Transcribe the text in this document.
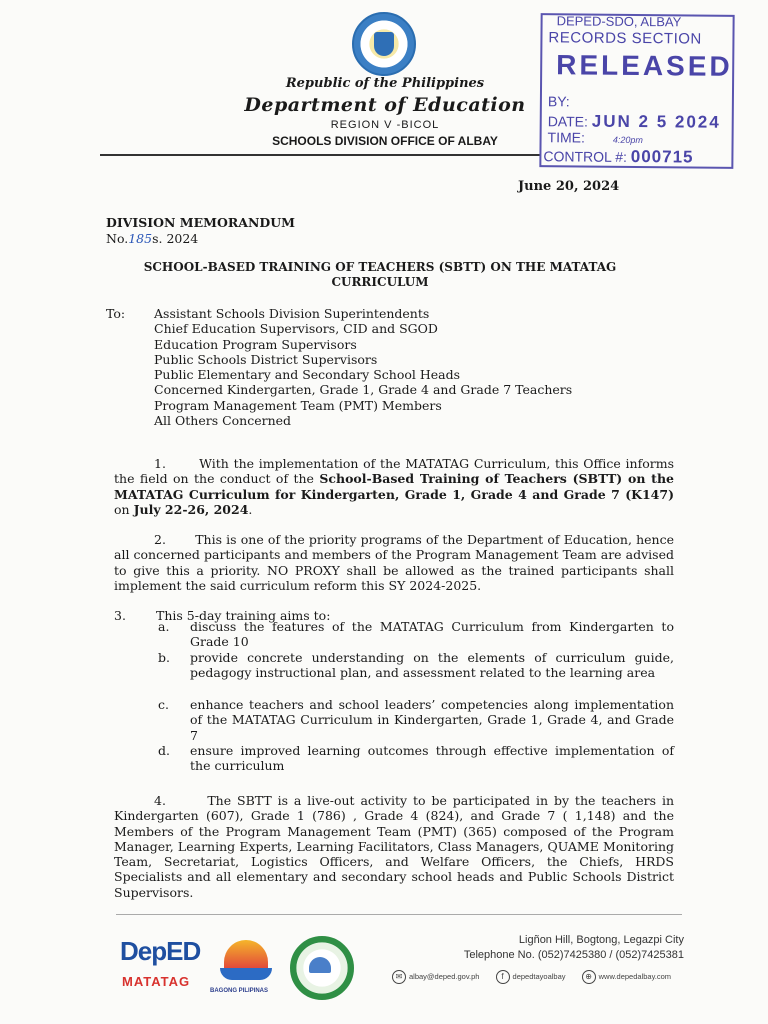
Republic of the Philippines
Department of Education
REGION V -BICOL
SCHOOLS DIVISION OFFICE OF ALBAY
DEPED-SDO, ALBAY
RECORDS SECTION
RELEASED
BY:
DATE: JUN 2 5 2024
TIME:	4:20pm
CONTROL #: 000715
June 20, 2024
DIVISION MEMORANDUM
No.185s. 2024
SCHOOL-BASED TRAINING OF TEACHERS (SBTT) ON THE MATATAG CURRICULUM
To: Assistant Schools Division Superintendents
Chief Education Supervisors, CID and SGOD
Education Program Supervisors
Public Schools District Supervisors
Public Elementary and Secondary School Heads
Concerned Kindergarten, Grade 1, Grade 4 and Grade 7 Teachers
Program Management Team (PMT) Members
All Others Concerned
1.	With the implementation of the MATATAG Curriculum, this Office informs the field on the conduct of the School-Based Training of Teachers (SBTT) on the MATATAG Curriculum for Kindergarten, Grade 1, Grade 4 and Grade 7 (K147) on July 22-26, 2024.
2. This is one of the priority programs of the Department of Education, hence all concerned participants and members of the Program Management Team are advised to give this a priority. NO PROXY shall be allowed as the trained participants shall implement the said curriculum reform this SY 2024-2025.
3. This 5-day training aims to:
a. discuss the features of the MATATAG Curriculum from Kindergarten to Grade 10
b. provide concrete understanding on the elements of curriculum guide, pedagogy instructional plan, and assessment related to the learning area
c. enhance teachers and school leaders’ competencies along implementation of the MATATAG Curriculum in Kindergarten, Grade 1, Grade 4, and Grade 7
d. ensure improved learning outcomes through effective implementation of the curriculum
4.	The SBTT is a live-out activity to be participated in by the teachers in Kindergarten (607), Grade 1 (786) , Grade 4 (824), and Grade 7 ( 1,148) and the Members of the Program Management Team (PMT) (365) composed of the Program Manager, Learning Experts, Learning Facilitators, Class Managers, QUAME Monitoring Team, Secretariat, Logistics Officers, and Welfare Officers, the Chiefs, HRDS Specialists and all elementary and secondary school heads and Public Schools District Supervisors.
DepED
MATATAG
BAGONG PILIPINAS
Ligñon Hill, Bogtong, Legazpi City
Telephone No. (052)7425380 / (052)7425381
✉ albay@deped.gov.ph	f depedtayoalbay ⊕ www.depedalbay.com
